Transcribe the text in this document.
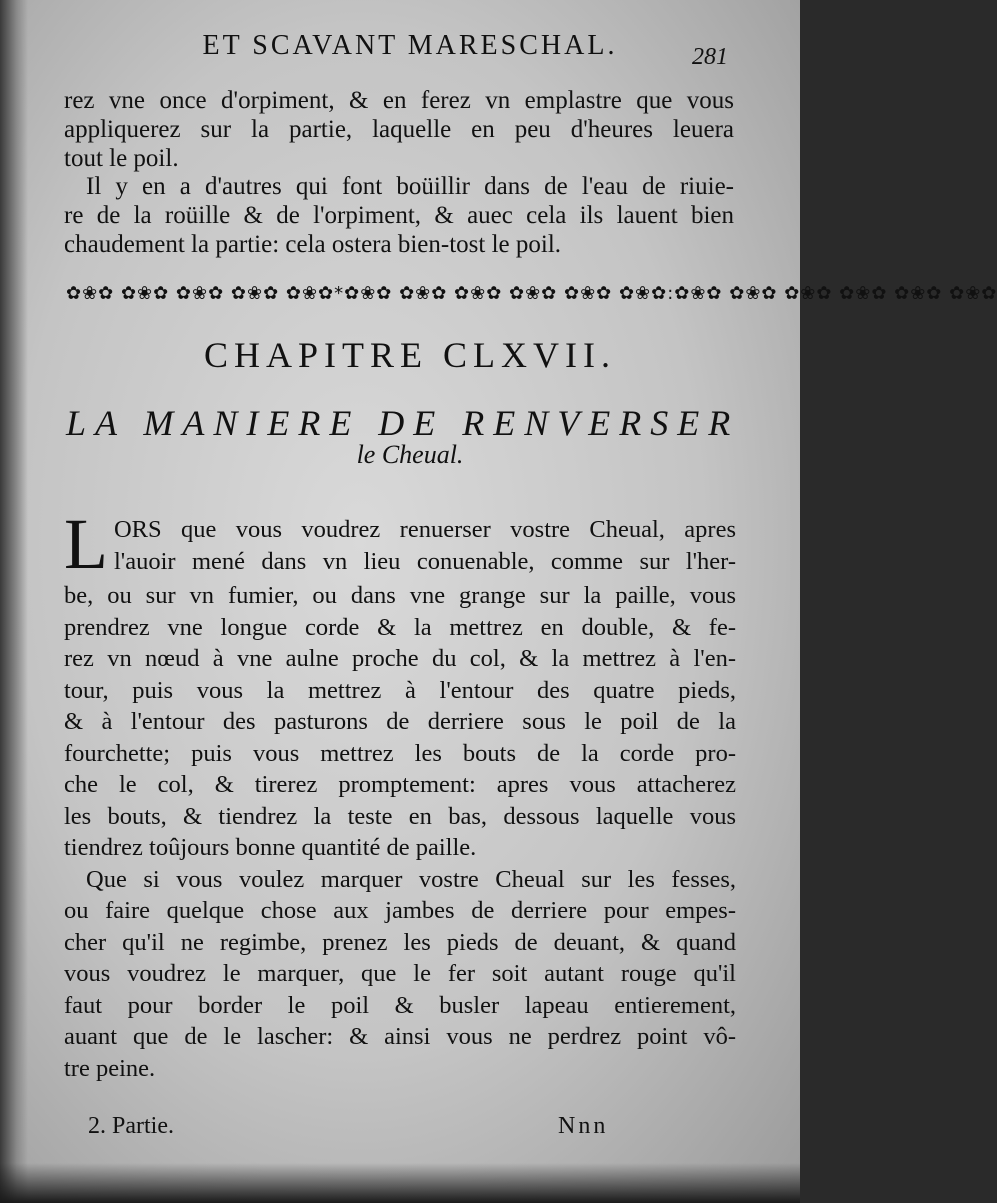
ET SCAVANT MARESCHAL.	281
rez vne once d'orpiment, & en ferez vn emplastre que vous
appliquerez sur la partie, laquelle en peu d'heures leuera
tout le poil.
Il y en a d'autres qui font boüillir dans de l'eau de riuie-
re de la roüille & de l'orpiment, & auec cela ils lauent bien
chaudement la partie: cela ostera bien-tost le poil.
✿❀✿ ✿❀✿ ✿❀✿ ✿❀✿ ✿❀✿*✿❀✿ ✿❀✿ ✿❀✿ ✿❀✿ ✿❀✿ ✿❀✿:✿❀✿ ✿❀✿ ✿❀✿ ✿❀✿ ✿❀✿ ✿❀✿
CHAPITRE CLXVII.
LA MANIERE DE RENVERSER
le Cheual.
L ORS que vous voudrez renuerser vostre Cheual, apres
l'auoir mené dans vn lieu conuenable, comme sur l'her-
be, ou sur vn fumier, ou dans vne grange sur la paille, vous
prendrez vne longue corde & la mettrez en double, & fe-
rez vn nœud à vne aulne proche du col, & la mettrez à l'en-
tour, puis vous la mettrez à l'entour des quatre pieds,
& à l'entour des pasturons de derriere sous le poil de la
fourchette; puis vous mettrez les bouts de la corde pro-
che le col, & tirerez promptement: apres vous attacherez
les bouts, & tiendrez la teste en bas, dessous laquelle vous
tiendrez toûjours bonne quantité de paille.
Que si vous voulez marquer vostre Cheual sur les fesses,
ou faire quelque chose aux jambes de derriere pour empes-
cher qu'il ne regimbe, prenez les pieds de deuant, & quand
vous voudrez le marquer, que le fer soit autant rouge qu'il
faut pour border le poil & busler lapeau entierement,
auant que de le lascher: & ainsi vous ne perdrez point vô-
tre peine.
2. Partie.	Nnn
